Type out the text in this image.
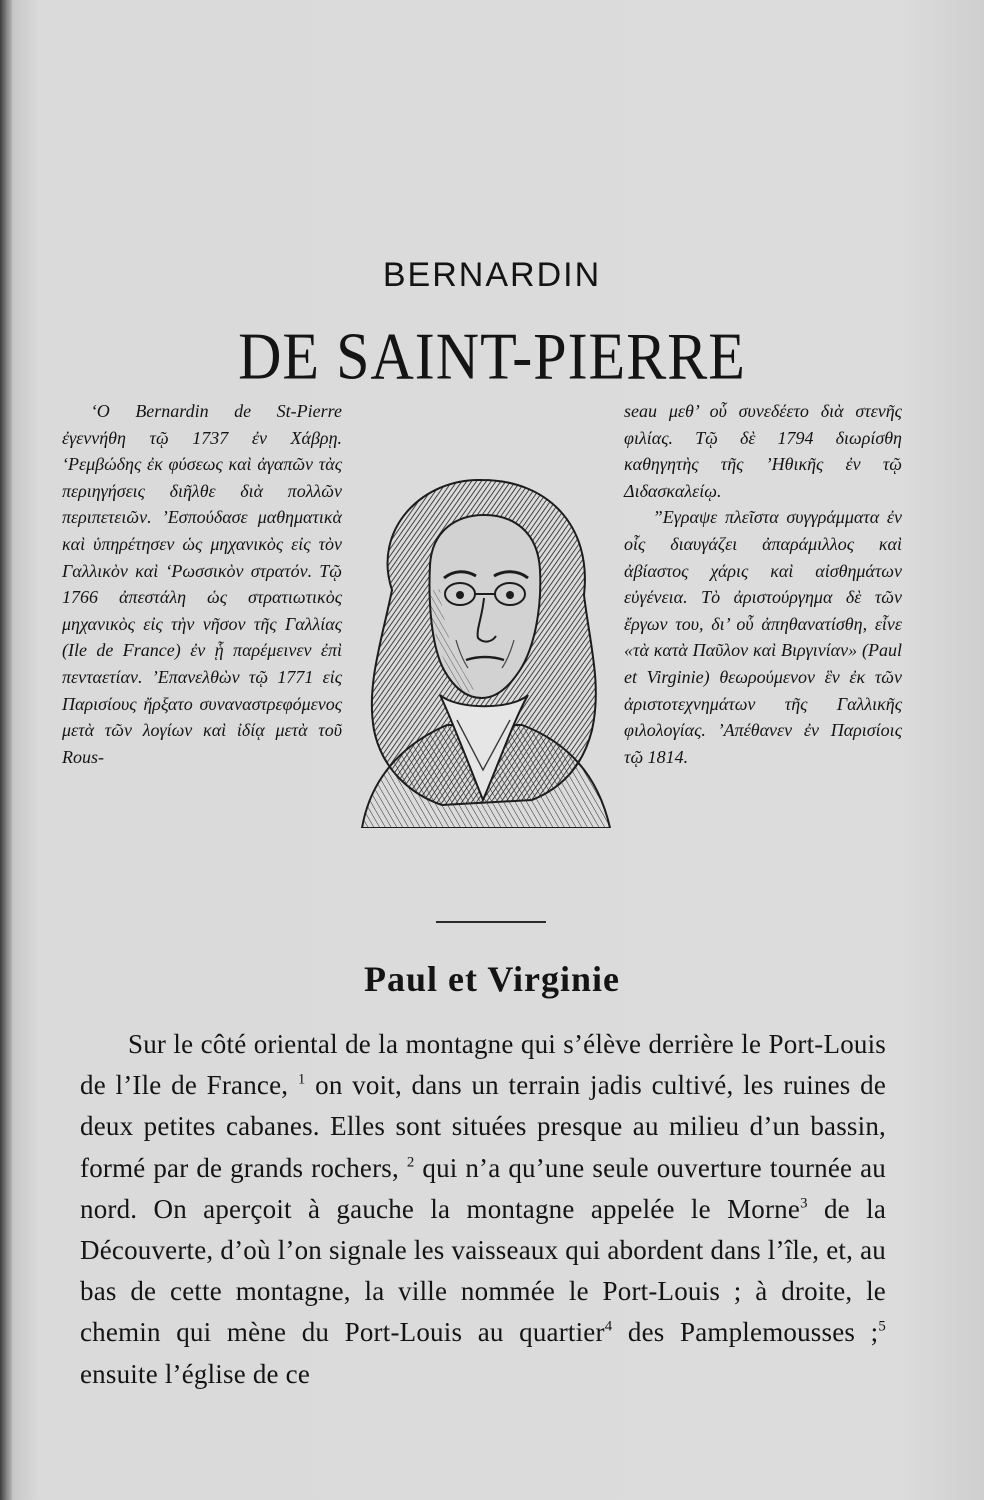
BERNARDIN
DE SAINT-PIERRE

‘O Bernardin de St-Pierre ἐγεννήθη τῷ 1737 ἐν Χάβρῃ. ‘Ρεμβώδης ἐκ φύσεως καὶ ἀγαπῶν τὰς περιηγήσεις διῆλθε διὰ πολλῶν περιπετειῶν. ’Εσπούδασε μαθηματικὰ καὶ ὑπηρέτησεν ὡς μηχανικὸς εἰς τὸν Γαλλικὸν καὶ ‘Ρωσσικὸν στρατόν. Τῷ 1766 ἀπεστάλη ὡς στρατιωτικὸς μηχανικὸς εἰς τὴν νῆσον τῆς Γαλλίας (Ile de France) ἐν ᾗ παρέμεινεν ἐπὶ πενταετίαν. ’Επανελθὼν τῷ 1771 εἰς Παρισίους ἤρξατο συναναστρεφόμενος μετὰ τῶν λογίων καὶ ἰδίᾳ μετὰ τοῦ Rous-

seau μεθ’ οὗ συνεδέετο διὰ στενῆς φιλίας. Τῷ δὲ 1794 διωρίσθη καθηγητὴς τῆς ’Ηθικῆς ἐν τῷ Διδασκαλείῳ.

”Εγραψε πλεῖστα συγγράμματα ἐν οἷς διαυγάζει ἀπαράμιλλος καὶ ἀβίαστος χάρις καὶ αἰσθημάτων εὐγένεια. Τὸ ἀριστούργημα δὲ τῶν ἔργων του, δι’ οὗ ἀπηθανατίσθη, εἶνε «τὰ κατὰ Παῦλον καὶ Βιργινίαν» (Paul et Virginie) θεωρούμενον ἓν ἐκ τῶν ἀριστοτεχνημάτων τῆς Γαλλικῆς φιλολογίας. ’Απέθανεν ἐν Παρισίοις τῷ 1814.

Paul et Virginie

Sur le côté oriental de la montagne qui s’élève derrière le Port-Louis de l’Ile de France, $^1$ on voit, dans un terrain jadis cultivé, les ruines de deux petites cabanes. Elles sont situées presque au milieu d’un bassin, formé par de grands rochers, $^2$ qui n’a qu’une seule ouverture tournée au nord. On aperçoit à gauche la montagne appelée le Morne$^3$ de la Découverte, d’où l’on signale les vaisseaux qui abordent dans l’île, et, au bas de cette montagne, la ville nommée le Port-Louis ; à droite, le chemin qui mène du Port-Louis au quartier$^4$ des Pamplemousses ;$^5$ ensuite l’église de ce
